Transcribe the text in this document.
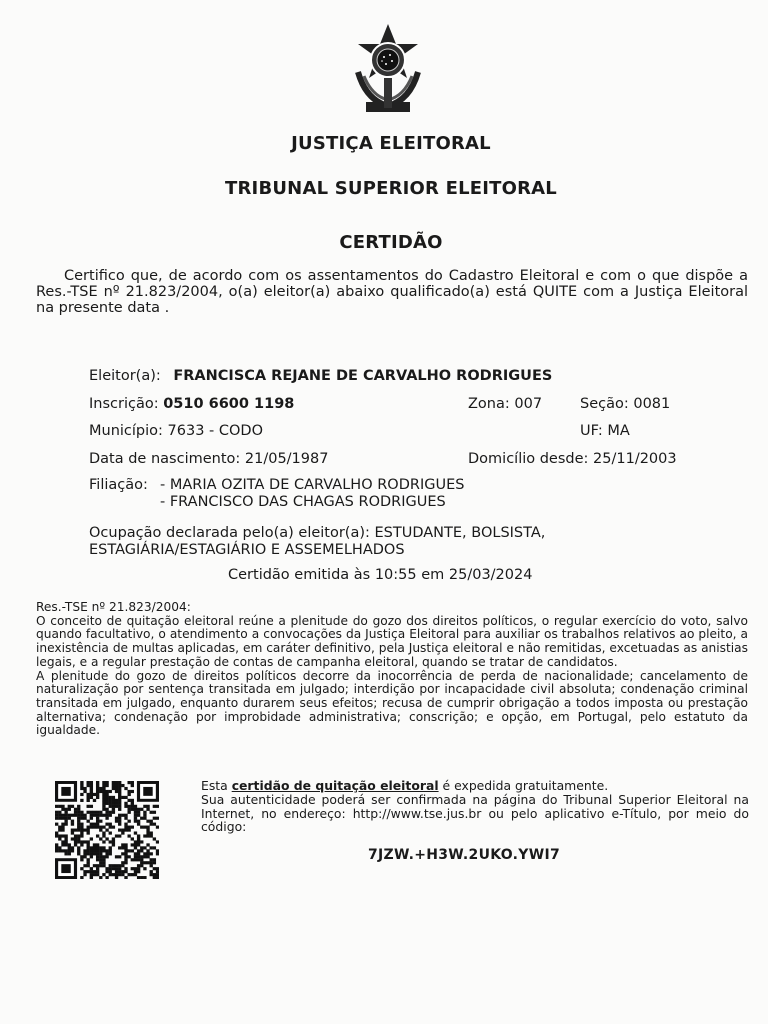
JUSTIÇA ELEITORAL
TRIBUNAL SUPERIOR ELEITORAL
CERTIDÃO

Certifico que, de acordo com os assentamentos do Cadastro Eleitoral e com o que dispõe a Res.-TSE nº 21.823/2004, o(a) eleitor(a) abaixo qualificado(a) está QUITE com a Justiça Eleitoral na presente data .

Eleitor(a): FRANCISCA REJANE DE CARVALHO RODRIGUES
Inscrição: 0510 6600 1198	Zona: 007	Seção: 0081
Município: 7633 - CODO	UF: MA
Data de nascimento: 21/05/1987	Domicílio desde: 25/11/2003
Filiação: - MARIA OZITA DE CARVALHO RODRIGUES
- FRANCISCO DAS CHAGAS RODRIGUES
Ocupação declarada pelo(a) eleitor(a): ESTUDANTE, BOLSISTA,
ESTAGIÁRIA/ESTAGIÁRIO E ASSEMELHADOS
Certidão emitida às 10:55 em 25/03/2024

Res.-TSE nº 21.823/2004:

O conceito de quitação eleitoral reúne a plenitude do gozo dos direitos políticos, o regular exercício do voto, salvo quando facultativo, o atendimento a convocações da Justiça Eleitoral para auxiliar os trabalhos relativos ao pleito, a inexistência de multas aplicadas, em caráter definitivo, pela Justiça eleitoral e não remitidas, excetuadas as anistias legais, e a regular prestação de contas de campanha eleitoral, quando se tratar de candidatos.

A plenitude do gozo de direitos políticos decorre da inocorrência de perda de nacionalidade; cancelamento de naturalização por sentença transitada em julgado; interdição por incapacidade civil absoluta; condenação criminal transitada em julgado, enquanto durarem seus efeitos; recusa de cumprir obrigação a todos imposta ou prestação alternativa; condenação por improbidade administrativa; conscrição; e opção, em Portugal, pelo estatuto da igualdade.

Esta certidão de quitação eleitoral é expedida gratuitamente.

Sua autenticidade poderá ser confirmada na página do Tribunal Superior Eleitoral na Internet, no endereço: http://www.tse.jus.br ou pelo aplicativo e-Título, por meio do código:

7JZW.+H3W.2UKO.YWI7
